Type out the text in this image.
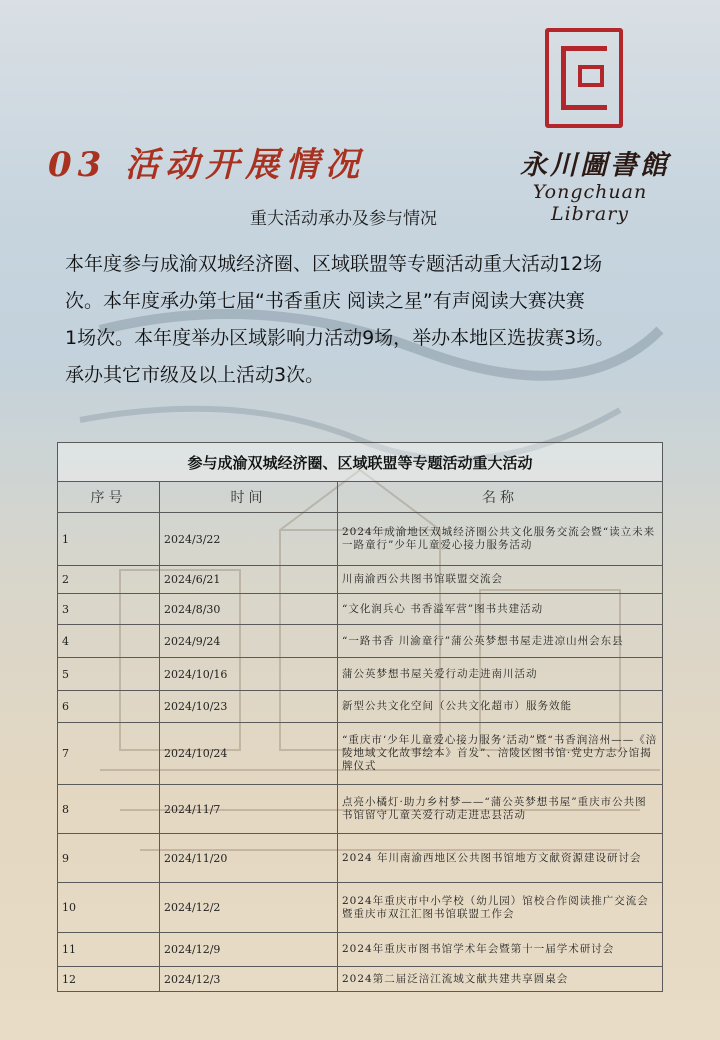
永川圖書館
Yongchuan Library
03 活动开展情况
重大活动承办及参与情况
本年度参与成渝双城经济圈、区域联盟等专题活动重大活动12场
次。本年度承办第七届“书香重庆 阅读之星”有声阅读大赛决赛
1场次。本年度举办区域影响力活动9场，举办本地区选拔赛3场。
承办其它市级及以上活动3次。
参与成渝双城经济圈、区域联盟等专题活动重大活动		
序号	时间	名称
1	2024/3/22	2024年成渝地区双城经济圈公共文化服务交流会暨“读立未来 一路童行”少年儿童爱心接力服务活动
2	2024/6/21	川南渝西公共图书馆联盟交流会
3	2024/8/30	“文化润兵心 书香溢军营”图书共建活动
4	2024/9/24	“一路书香 川渝童行”蒲公英梦想书屋走进凉山州会东县
5	2024/10/16	蒲公英梦想书屋关爱行动走进南川活动
6	2024/10/23	新型公共文化空间（公共文化超市）服务效能
7	2024/10/24	“重庆市‘少年儿童爱心接力服务’活动”暨“书香润涪州——《涪陵地域文化故事绘本》首发”、涪陵区图书馆·党史方志分馆揭牌仪式
8	2024/11/7	点亮小橘灯·助力乡村梦——“蒲公英梦想书屋”重庆市公共图书馆留守儿童关爱行动走进忠县活动
9	2024/11/20	2024 年川南渝西地区公共图书馆地方文献资源建设研讨会
10	2024/12/2	2024年重庆市中小学校（幼儿园）馆校合作阅读推广交流会暨重庆市双江汇图书馆联盟工作会
11	2024/12/9	2024年重庆市图书馆学术年会暨第十一届学术研讨会
12	2024/12/3	2024第二届泛涪江流域文献共建共享圆桌会
